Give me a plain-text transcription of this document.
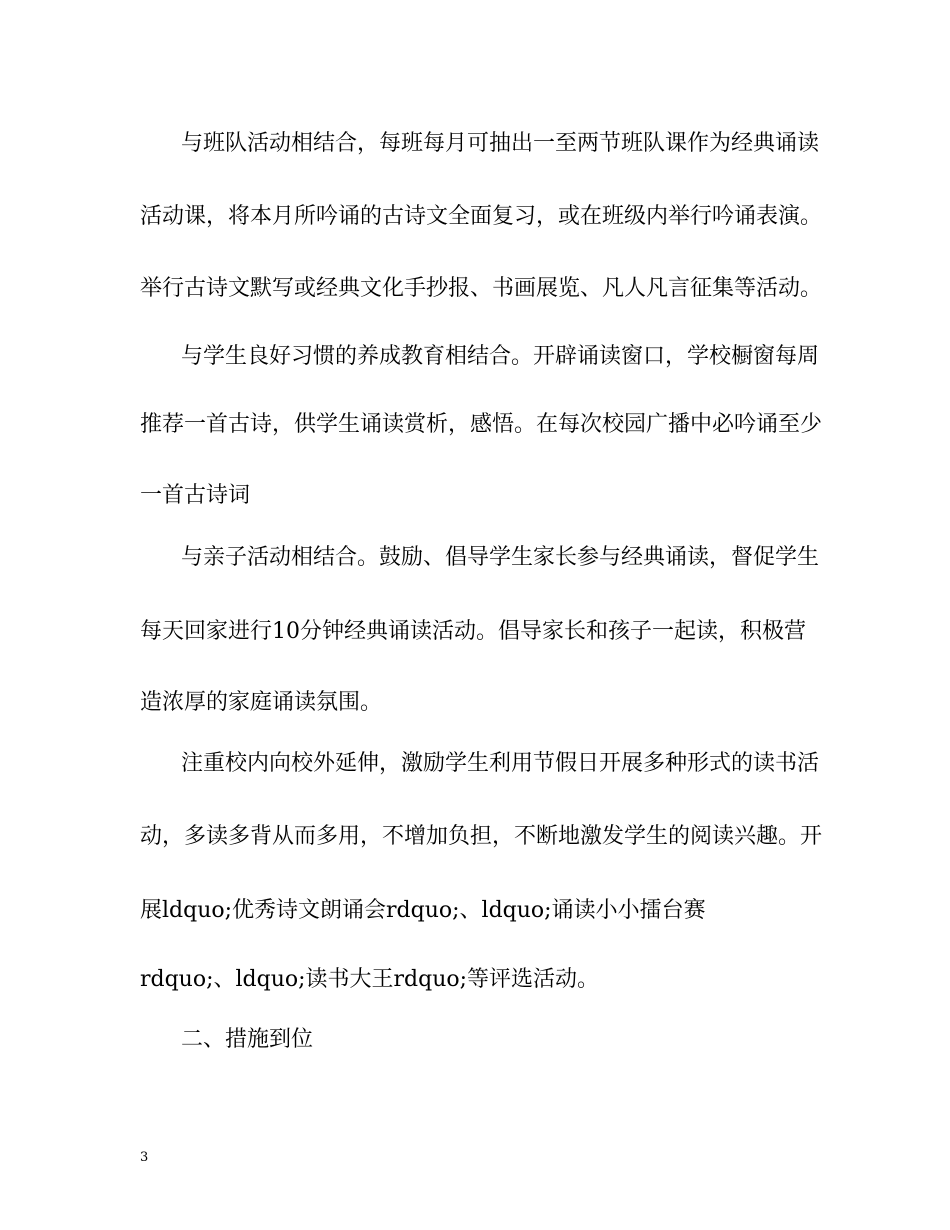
与班队活动相结合，每班每月可抽出一至两节班队课作为经典诵读
活动课，将本月所吟诵的古诗文全面复习，或在班级内举行吟诵表演。
举行古诗文默写或经典文化手抄报、书画展览、凡人凡言征集等活动。
与学生良好习惯的养成教育相结合。开辟诵读窗口，学校橱窗每周
推荐一首古诗，供学生诵读赏析，感悟。在每次校园广播中必吟诵至少
一首古诗词
与亲子活动相结合。鼓励、倡导学生家长参与经典诵读，督促学生
每天回家进行10分钟经典诵读活动。倡导家长和孩子一起读，积极营
造浓厚的家庭诵读氛围。
注重校内向校外延伸，激励学生利用节假日开展多种形式的读书活
动，多读多背从而多用，不增加负担，不断地激发学生的阅读兴趣。开
展ldquo;优秀诗文朗诵会rdquo;、ldquo;诵读小小擂台赛
rdquo;、ldquo;读书大王rdquo;等评选活动。
二、措施到位
3
